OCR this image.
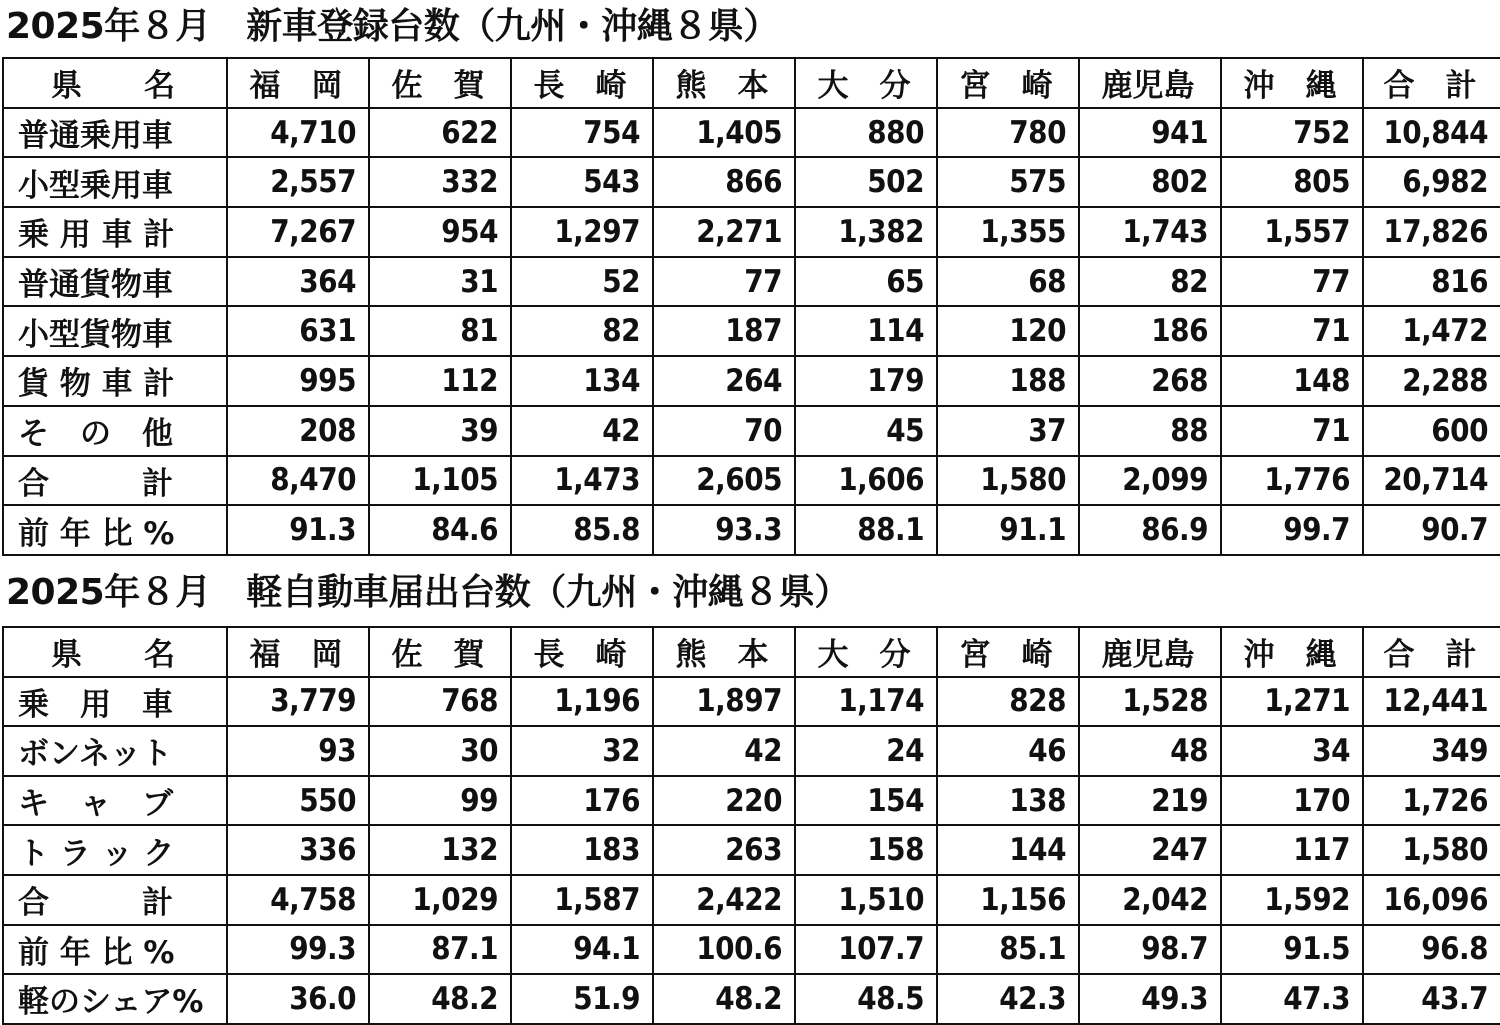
2025年８月　新車登録台数（九州・沖縄８県）
県　　名	福　岡	佐　賀	長　崎	熊　本	大　分	宮　崎	鹿児島	沖　縄	合　計
普通乗用車	4,710	622	754	1,405	880	780	941	752	10,844
小型乗用車	2,557	332	543	866	502	575	802	805	6,982
乗 用 車 計	7,267	954	1,297	2,271	1,382	1,355	1,743	1,557	17,826
普通貨物車	364	31	52	77	65	68	82	77	816
小型貨物車	631	81	82	187	114	120	186	71	1,472
貨 物 車 計	995	112	134	264	179	188	268	148	2,288
そ　の　他	208	39	42	70	45	37	88	71	600
合　　　計	8,470	1,105	1,473	2,605	1,606	1,580	2,099	1,776	20,714
前 年 比 %	91.3	84.6	85.8	93.3	88.1	91.1	86.9	99.7	90.7
2025年８月　軽自動車届出台数（九州・沖縄８県）
県　　名	福　岡	佐　賀	長　崎	熊　本	大　分	宮　崎	鹿児島	沖　縄	合　計
乗　用　車	3,779	768	1,196	1,897	1,174	828	1,528	1,271	12,441
ボンネット	93	30	32	42	24	46	48	34	349
キ　ャ　ブ	550	99	176	220	154	138	219	170	1,726
ト ラ ッ ク	336	132	183	263	158	144	247	117	1,580
合　　　計	4,758	1,029	1,587	2,422	1,510	1,156	2,042	1,592	16,096
前 年 比 %	99.3	87.1	94.1	100.6	107.7	85.1	98.7	91.5	96.8
軽のシェア%	36.0	48.2	51.9	48.2	48.5	42.3	49.3	47.3	43.7
